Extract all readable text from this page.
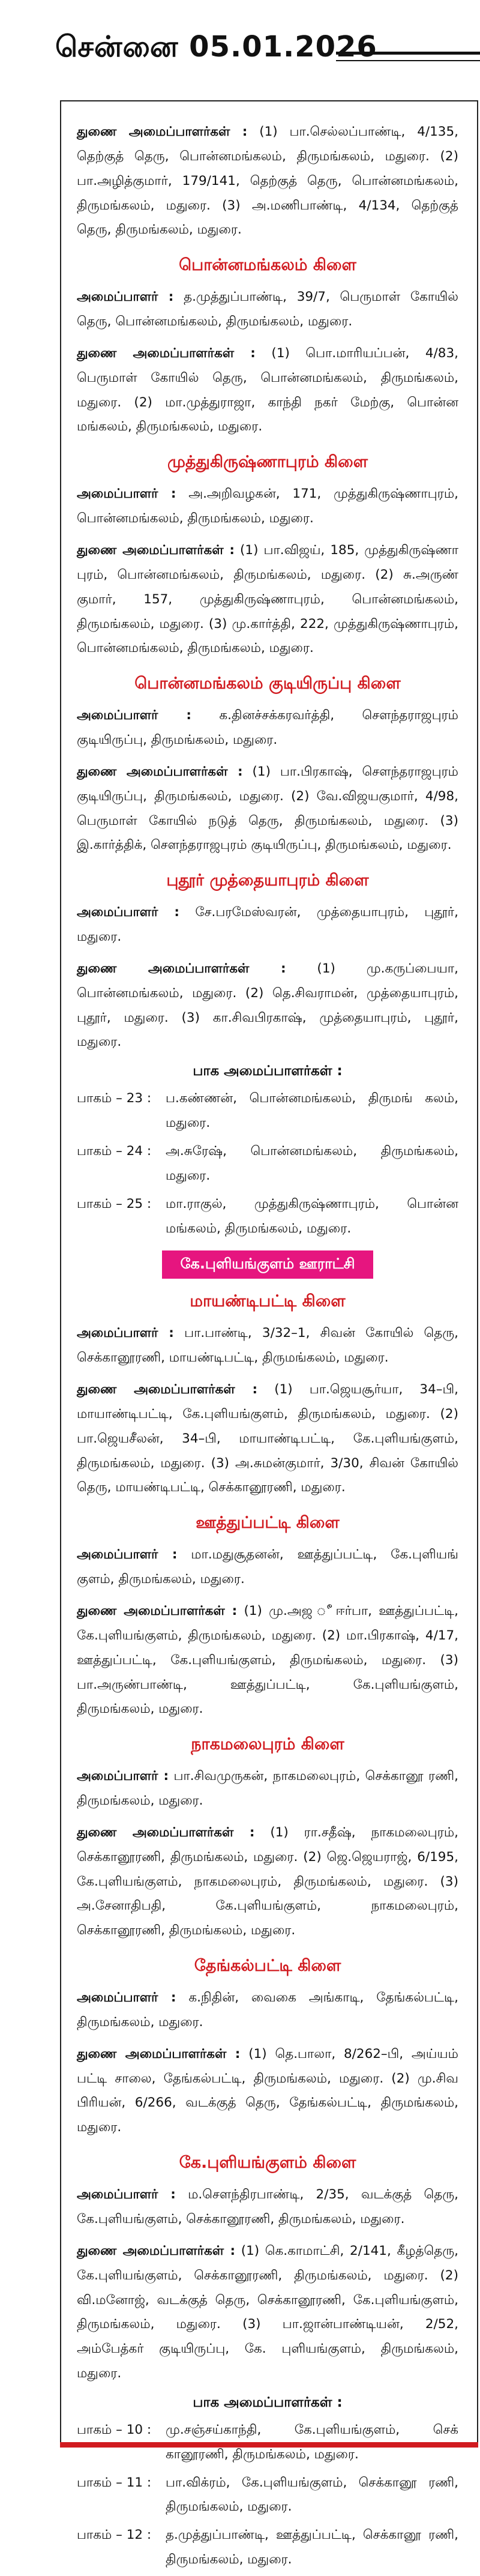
சென்னை 05.01.2026

துணை அமைப்பாளர்கள் : (1) பா.செல்லப்பாண்டி, 4/135, தெற்குத் தெரு, பொன்னமங்கலம், திருமங்கலம், மதுரை. (2) பா.அழித்குமார், 179/141, தெற்குத் தெரு, பொன்னமங்கலம், திருமங்கலம், மதுரை. (3) அ.மணிபாண்டி, 4/134, தெற்குத் தெரு, திருமங்கலம், மதுரை.

பொன்னமங்கலம் கிளை

அமைப்பாளர் : த.முத்துப்பாண்டி, 39/7, பெருமாள் கோயில் தெரு, பொன்னமங்கலம், திருமங்கலம், மதுரை.

துணை அமைப்பாளர்கள் : (1) பொ.மாரியப்பன், 4/83, பெருமாள் கோயில் தெரு, பொன்னமங்கலம், திருமங்கலம், மதுரை. (2) மா.முத்துராஜா, காந்தி நகர் மேற்கு, பொன்ன மங்கலம், திருமங்கலம், மதுரை.

முத்துகிருஷ்ணாபுரம் கிளை

அமைப்பாளர் : அ.அறிவழகன், 171, முத்துகிருஷ்ணாபுரம், பொன்னமங்கலம், திருமங்கலம், மதுரை.

துணை அமைப்பாளர்கள் : (1) பா.விஜய், 185, முத்துகிருஷ்ணா புரம், பொன்னமங்கலம், திருமங்கலம், மதுரை. (2) சு.அருண் குமார், 157, முத்துகிருஷ்ணாபுரம், பொன்னமங்கலம், திருமங்கலம், மதுரை. (3) மு.கார்த்தி, 222, முத்துகிருஷ்ணாபுரம், பொன்னமங்கலம், திருமங்கலம், மதுரை.

பொன்னமங்கலம் குடியிருப்பு கிளை

அமைப்பாளர் : க.தினச்சக்கரவர்த்தி, சௌந்தராஜபுரம் குடியிருப்பு, திருமங்கலம், மதுரை.

துணை அமைப்பாளர்கள் : (1) பா.பிரகாஷ், சௌந்தராஜபுரம் குடியிருப்பு, திருமங்கலம், மதுரை. (2) வே.விஜயகுமார், 4/98, பெருமாள் கோயில் நடுத் தெரு, திருமங்கலம், மதுரை. (3) இ.கார்த்திக், சௌந்தராஜபுரம் குடியிருப்பு, திருமங்கலம், மதுரை.

புதூர் முத்தையாபுரம் கிளை

அமைப்பாளர் : சே.பரமேஸ்வரன், முத்தையாபுரம், புதூர், மதுரை.

துணை அமைப்பாளர்கள் : (1) மு.கருப்பையா, பொன்னமங்கலம், மதுரை. (2) தெ.சிவராமன், முத்தையாபுரம், புதூர், மதுரை. (3) கா.சிவபிரகாஷ், முத்தையாபுரம், புதூர், மதுரை.

பாக அமைப்பாளர்கள் :
பாகம் – 23 :	ப.கண்ணன், பொன்னமங்கலம், திருமங் கலம், மதுரை.
பாகம் – 24 :	அ.சுரேஷ், பொன்னமங்கலம், திருமங்கலம், மதுரை.
பாகம் – 25 :	மா.ராகுல், முத்துகிருஷ்ணாபுரம், பொன்ன மங்கலம், திருமங்கலம், மதுரை.
கே.புளியங்குளம் ஊராட்சி
மாயண்டிபட்டி கிளை

அமைப்பாளர் : பா.பாண்டி, 3/32–1, சிவன் கோயில் தெரு, செக்கானூரணி, மாயண்டிபட்டி, திருமங்கலம், மதுரை.

துணை அமைப்பாளர்கள் : (1) பா.ஜெயசூர்யா, 34–பி, மாயாண்டிபட்டி, கே.புளியங்குளம், திருமங்கலம், மதுரை. (2) பா.ஜெயசீலன், 34–பி, மாயாண்டிபட்டி, கே.புளியங்குளம், திருமங்கலம், மதுரை. (3) அ.சுமன்குமார், 3/30, சிவன் கோயில் தெரு, மாயண்டிபட்டி, செக்கானூரணி, மதுரை.

ஊத்துப்பட்டி கிளை

அமைப்பாளர் : மா.மதுசூதனன், ஊத்துப்பட்டி, கே.புளியங் குளம், திருமங்கலம், மதுரை.

துணை அமைப்பாளர்கள் : (1) மு.அஜ ீஈர்பா, ஊத்துப்பட்டி, கே.புளியங்குளம், திருமங்கலம், மதுரை. (2) மா.பிரகாஷ், 4/17, ஊத்துப்பட்டி, கே.புளியங்குளம், திருமங்கலம், மதுரை. (3) பா.அருண்பாண்டி, ஊத்துப்பட்டி, கே.புளியங்குளம், திருமங்கலம், மதுரை.

நாகமலைபுரம் கிளை

அமைப்பாளர் : பா.சிவமுருகன், நாகமலைபுரம், செக்கானூ ரணி, திருமங்கலம், மதுரை.

துணை அமைப்பாளர்கள் : (1) ரா.சதீஷ், நாகமலைபுரம், செக்கானூரணி, திருமங்கலம், மதுரை. (2) ஜெ.ஜெயராஜ், 6/195, கே.புளியங்குளம், நாகமலைபுரம், திருமங்கலம், மதுரை. (3) அ.சேனாதிபதி, கே.புளியங்குளம், நாகமலைபுரம், செக்கானூரணி, திருமங்கலம், மதுரை.

தேங்கல்பட்டி கிளை

அமைப்பாளர் : க.நிதின், வைகை அங்காடி, தேங்கல்பட்டி, திருமங்கலம், மதுரை.

துணை அமைப்பாளர்கள் : (1) தெ.பாலா, 8/262–பி, அய்யம் பட்டி சாலை, தேங்கல்பட்டி, திருமங்கலம், மதுரை. (2) மு.சிவ பிரியன், 6/266, வடக்குத் தெரு, தேங்கல்பட்டி, திருமங்கலம், மதுரை.

கே.புளியங்குளம் கிளை

அமைப்பாளர் : ம.சௌந்திரபாண்டி, 2/35, வடக்குத் தெரு, கே.புளியங்குளம், செக்கானூரணி, திருமங்கலம், மதுரை.

துணை அமைப்பாளர்கள் : (1) கெ.காமாட்சி, 2/141, கீழத்தெரு, கே.புளியங்குளம், செக்கானூரணி, திருமங்கலம், மதுரை. (2) வி.மனோஜ், வடக்குத் தெரு, செக்கானூரணி, கே.புளியங்குளம், திருமங்கலம், மதுரை. (3) பா.ஜான்பாண்டியன், 2/52, அம்பேத்கர் குடியிருப்பு, கே. புளியங்குளம், திருமங்கலம், மதுரை.

பாக அமைப்பாளர்கள் :
பாகம் – 10 :	மு.சஞ்சய்காந்தி, கே.புளியங்குளம், செக் கானூரணி, திருமங்கலம், மதுரை.
பாகம் – 11 :	பா.விக்ரம், கே.புளியங்குளம், செக்கானூ ரணி, திருமங்கலம், மதுரை.
பாகம் – 12 :	த.முத்துப்பாண்டி, ஊத்துப்பட்டி, செக்கானூ ரணி, திருமங்கலம், மதுரை.
